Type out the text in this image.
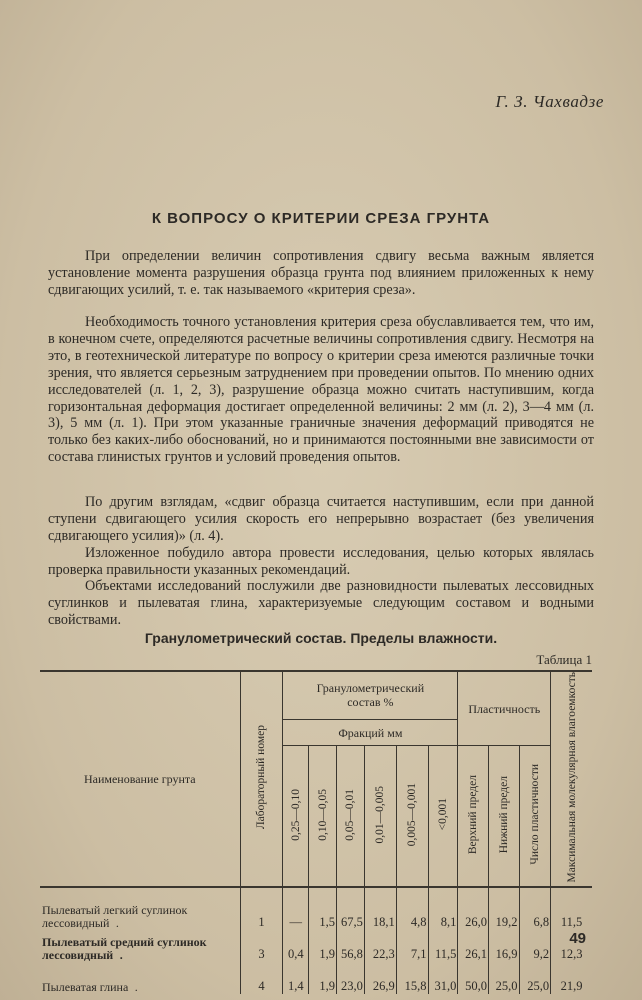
Г. З. Чахвадзе
К ВОПРОСУ О КРИТЕРИИ СРЕЗА ГРУНТА

При определении величин сопротивления сдвигу весьма важным является установление момента разрушения образца грунта под влиянием приложенных к нему сдвигающих усилий, т. е. так называемого «критерия среза».

Необходимость точного установления критерия среза обуславливается тем, что им, в конечном счете, определяются расчетные величины сопротивления сдвигу. Несмотря на это, в геотехнической литературе по вопросу о критерии среза имеются различные точки зрения, что является серьезным затруднением при проведении опытов. По мнению одних исследователей (л. 1, 2, 3), разрушение образца можно считать наступившим, когда горизонтальная деформация достигает определенной величины: 2 мм (л. 2), 3—4 мм (л. 3), 5 мм (л. 1). При этом указанные граничные значения деформаций приводятся не только без каких-либо обоснований, но и принимаются постоянными вне зависимости от состава глинистых грунтов и условий проведения опытов.

По другим взглядам, «сдвиг образца считается наступившим, если при данной ступени сдвигающего усилия скорость его непрерывно возрастает (без увеличения сдвигающего усилия)» (л. 4).

Изложенное побудило автора провести исследования, целью которых являлась проверка правильности указанных рекомендаций.

Объектами исследований послужили две разновидности пылеватых лессовидных суглинков и пылеватая глина, характеризуемые следующим составом и водными свойствами.

Гранулометрический состав. Пределы влажности.
Таблица 1
Наименование грунта	Лабораторный номер	Гранулометрический состав %						Пластичность			Максимальная молекулярная влагоемкость
		Фракций мм									
		0,25—0,10	0,10—0,05	0,05—0,01	0,01—0,005	0,005—0,001	<0,001	Верхний предел	Нижний предел	Число пластичности	
Пылеватый легкий суглинок лессовидный .	1	—	1,5	67,5	18,1	4,8	8,1	26,0	19,2	6,8	11,5
Пылеватый средний суглинок лессовидный .	3	0,4	1,9	56,8	22,3	7,1	11,5	26,1	16,9	9,2	12,3
Пылеватая глина .	4	1,4	1,9	23,0	26,9	15,8	31,0	50,0	25,0	25,0	21,9
49
